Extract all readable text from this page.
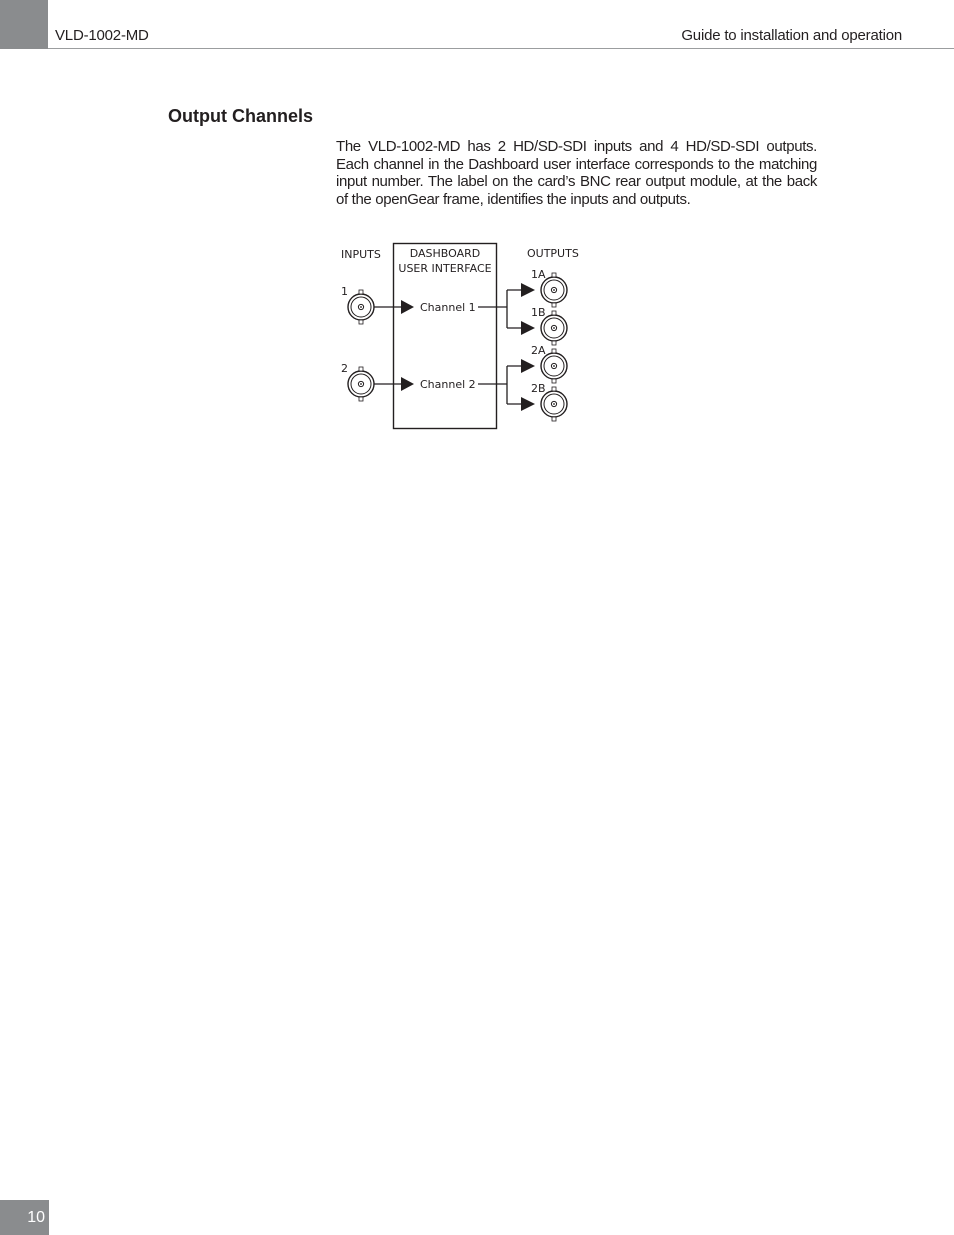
VLD-1002-MD	Guide to installation and operation
Output Channels

The VLD-1002-MD has 2 HD/SD-SDI inputs and 4 HD/SD-SDI outputs. Each channel in the Dashboard user interface corresponds to the matching input number. The label on the card’s BNC rear output module, at the back of the openGear frame, identifies the inputs and outputs.

INPUTS	DASHBOARD
USER INTERFACE
OUTPUTS
1
2
Channel 1
Channel 2
1A
1B
2A
2B
10
